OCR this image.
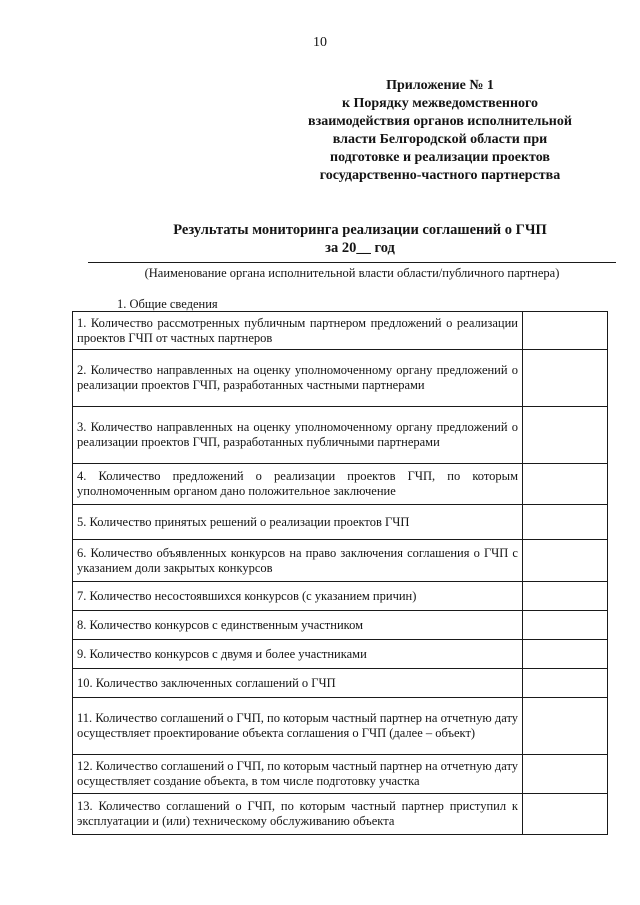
10
Приложение № 1
к Порядку межведомственного
взаимодействия органов исполнительной
власти Белгородской области при
подготовке и реализации проектов
государственно-частного партнерства
Результаты мониторинга реализации соглашений о ГЧП
за 20__ год
(Наименование органа исполнительной власти области/публичного партнера)
1. Общие сведения
1. Количество рассмотренных публичным партнером предложений о реализации проектов ГЧП от частных партнеров	
2. Количество направленных на оценку уполномоченному органу предложений о реализации проектов ГЧП, разработанных частными партнерами	
3. Количество направленных на оценку уполномоченному органу предложений о реализации проектов ГЧП, разработанных публичными партнерами	
4. Количество предложений о реализации проектов ГЧП, по которым уполномоченным органом дано положительное заключение	
5. Количество принятых решений о реализации проектов ГЧП	
6. Количество объявленных конкурсов на право заключения соглашения о ГЧП с указанием доли закрытых конкурсов	
7. Количество несостоявшихся конкурсов (с указанием причин)	
8. Количество конкурсов с единственным участником	
9. Количество конкурсов с двумя и более участниками	
10. Количество заключенных соглашений о ГЧП	
11. Количество соглашений о ГЧП, по которым частный партнер на отчетную дату осуществляет проектирование объекта соглашения о ГЧП (далее – объект)	
12. Количество соглашений о ГЧП, по которым частный партнер на отчетную дату осуществляет создание объекта, в том числе подготовку участка	
13. Количество соглашений о ГЧП, по которым частный партнер приступил к эксплуатации и (или) техническому обслуживанию объекта	
